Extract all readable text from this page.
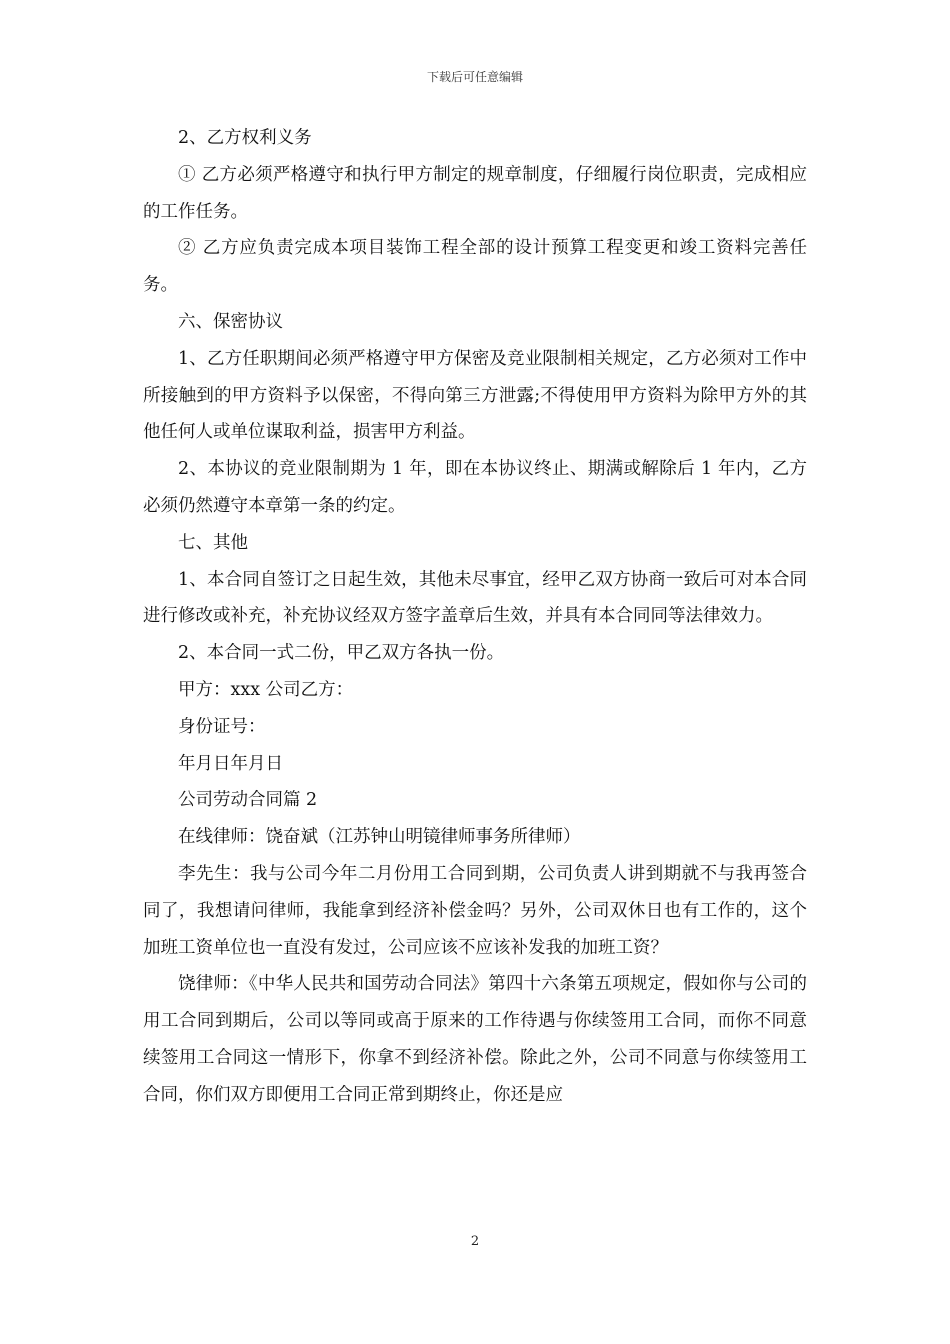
下载后可任意编辑

2、乙方权利义务

① 乙方必须严格遵守和执行甲方制定的规章制度，仔细履行岗位职责，完成相应的工作任务。

② 乙方应负责完成本项目装饰工程全部的设计预算工程变更和竣工资料完善任务。

六、保密协议

1、乙方任职期间必须严格遵守甲方保密及竞业限制相关规定，乙方必须对工作中所接触到的甲方资料予以保密，不得向第三方泄露;不得使用甲方资料为除甲方外的其他任何人或单位谋取利益，损害甲方利益。

2、本协议的竞业限制期为 1 年，即在本协议终止、期满或解除后 1 年内，乙方必须仍然遵守本章第一条的约定。

七、其他

1、本合同自签订之日起生效，其他未尽事宜，经甲乙双方协商一致后可对本合同进行修改或补充，补充协议经双方签字盖章后生效，并具有本合同同等法律效力。

2、本合同一式二份，甲乙双方各执一份。

甲方：xxx 公司乙方：

身份证号：

年月日年月日

公司劳动合同篇 2

在线律师：饶奋斌（江苏钟山明镜律师事务所律师）

李先生：我与公司今年二月份用工合同到期，公司负责人讲到期就不与我再签合同了，我想请问律师，我能拿到经济补偿金吗？另外，公司双休日也有工作的，这个加班工资单位也一直没有发过，公司应该不应该补发我的加班工资？

饶律师：《中华人民共和国劳动合同法》第四十六条第五项规定，假如你与公司的用工合同到期后，公司以等同或高于原来的工作待遇与你续签用工合同，而你不同意续签用工合同这一情形下，你拿不到经济补偿。除此之外，公司不同意与你续签用工合同，你们双方即便用工合同正常到期终止，你还是应

2
